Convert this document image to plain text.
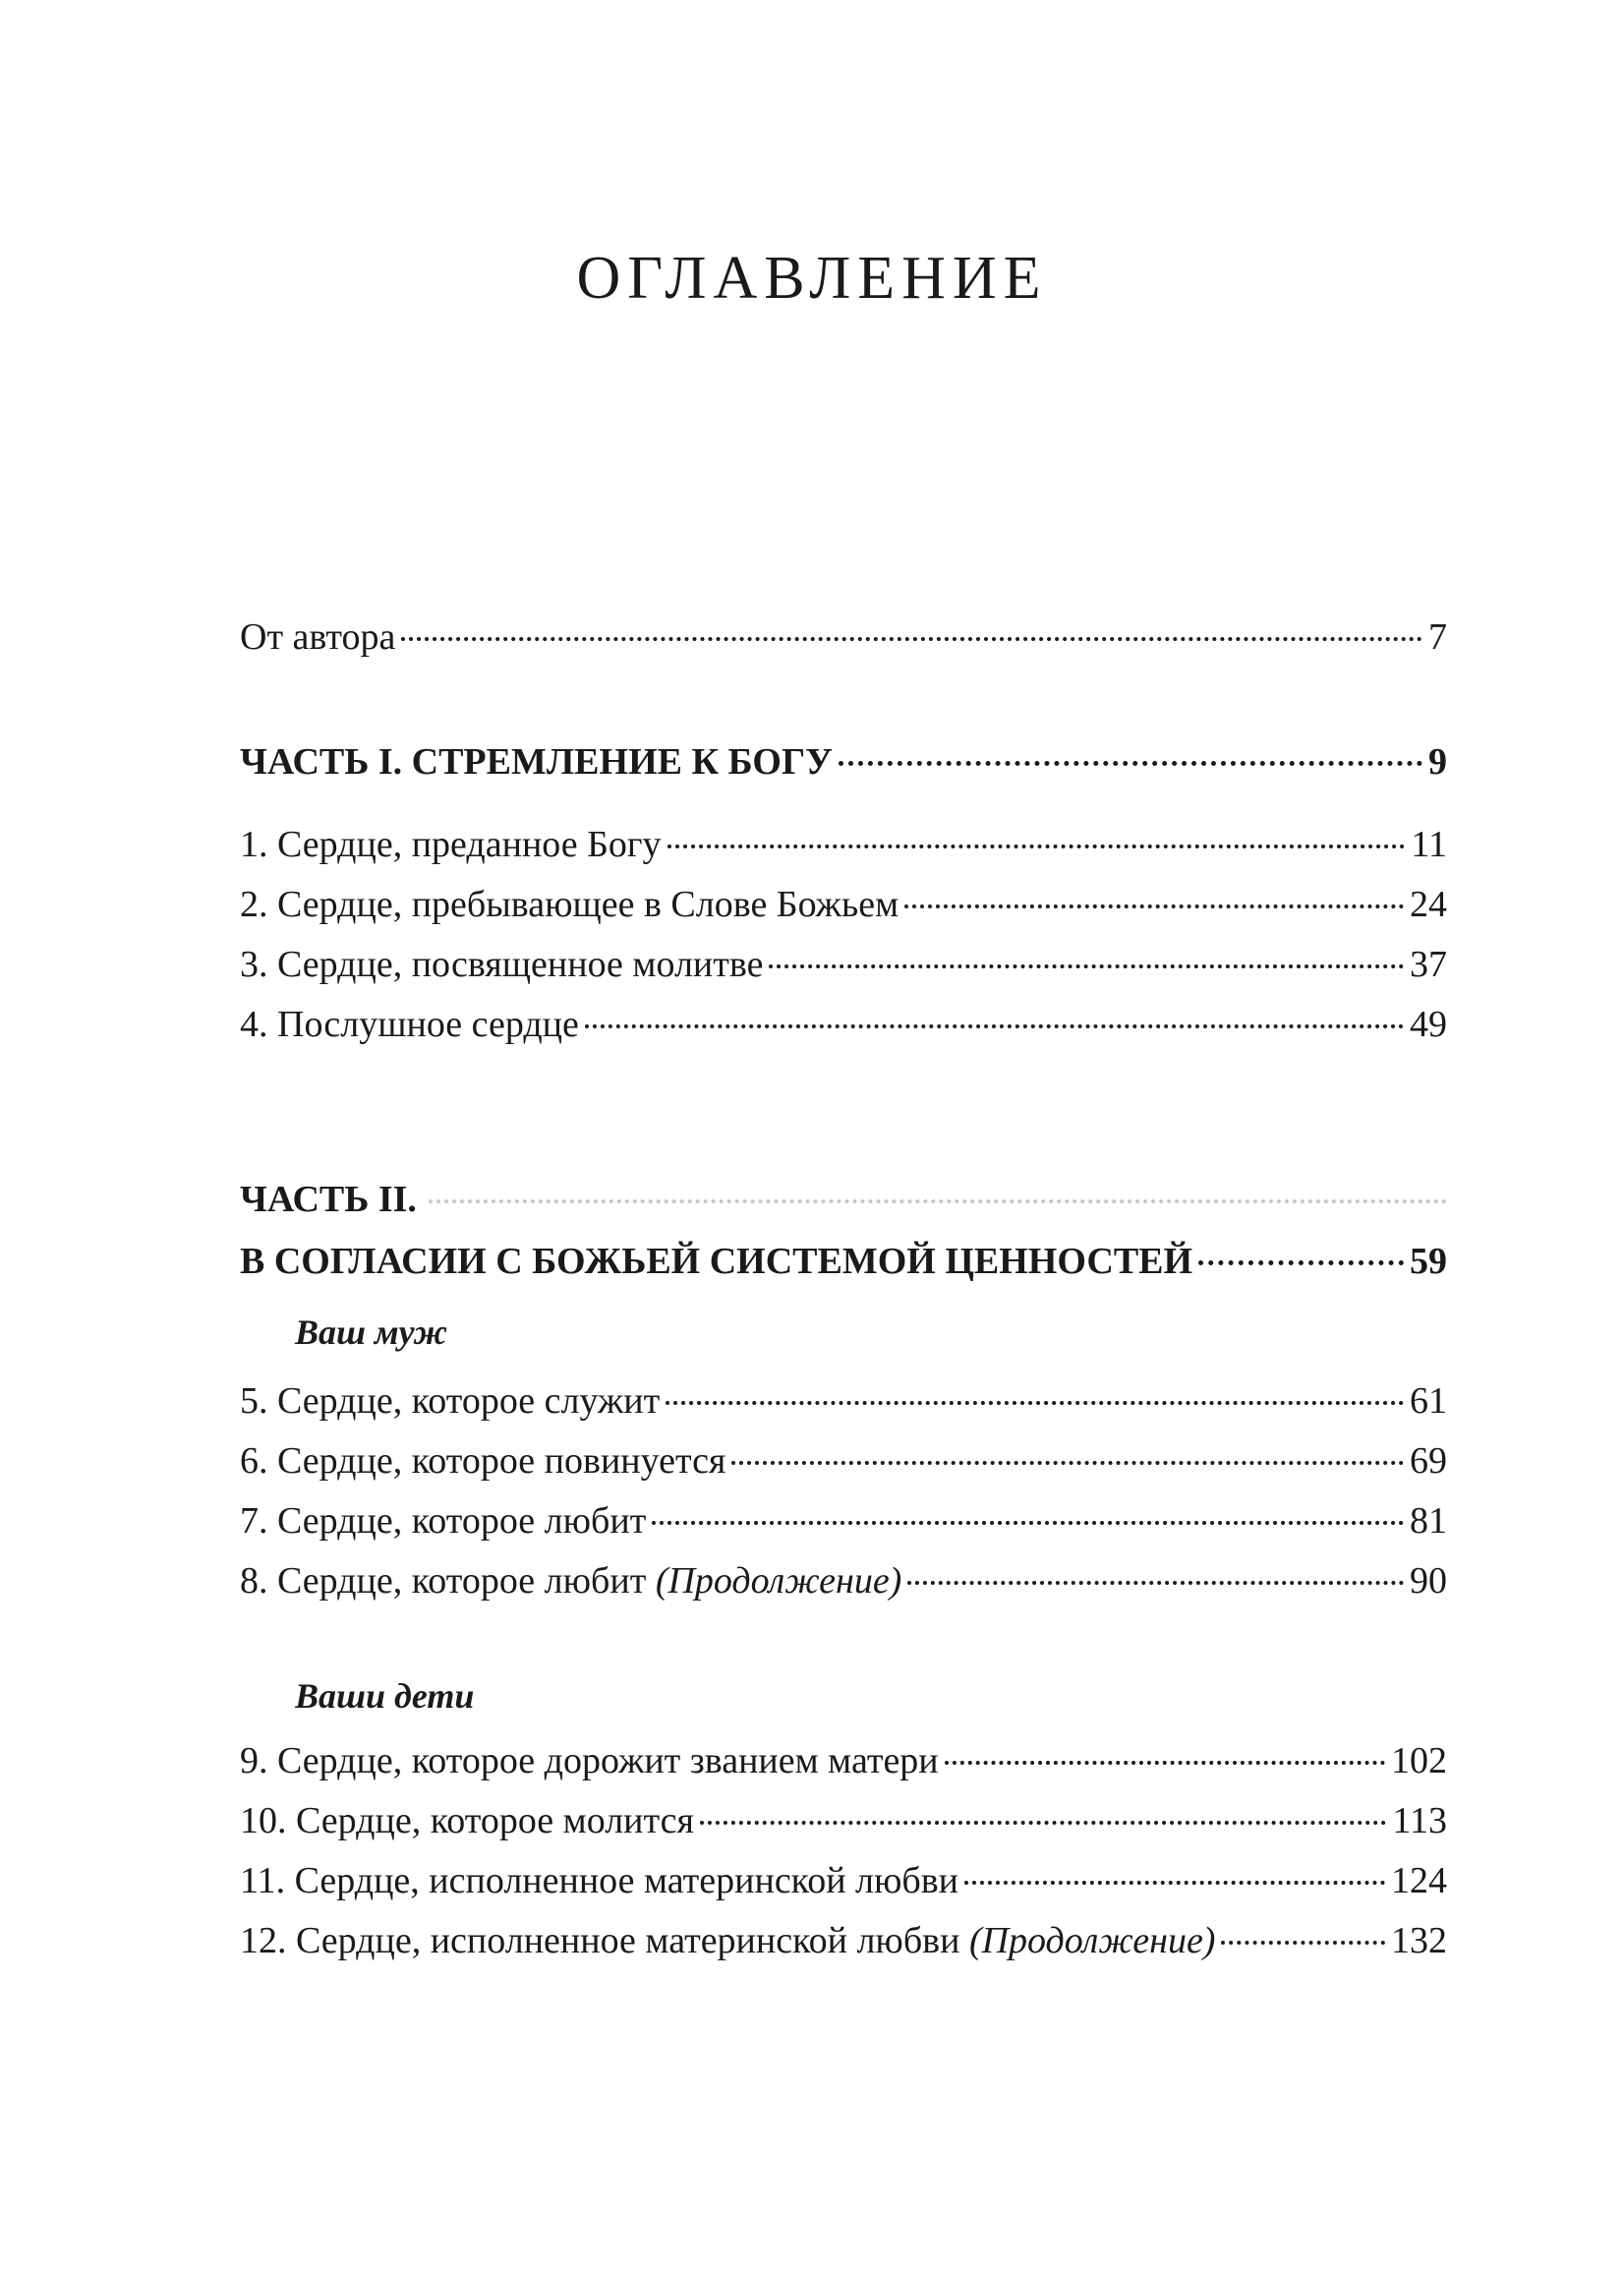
ОГЛАВЛЕНИЕ
От автора	7
ЧАСТЬ I. СТРЕМЛЕНИЕ К БОГУ	9
1. Сердце, преданное Богу	11
2. Сердце, пребывающее в Слове Божьем	24
3. Сердце, посвященное молитве	37
4. Послушное сердце	49
ЧАСТЬ II.
В СОГЛАСИИ С БОЖЬЕЙ СИСТЕМОЙ ЦЕННОСТЕЙ	59
Ваш муж
5. Сердце, которое служит	61
6. Сердце, которое повинуется	69
7. Сердце, которое любит	81
8. Сердце, которое любит (Продолжение)	90
Ваши дети
9. Сердце, которое дорожит званием матери	102
10. Сердце, которое молится	113
11. Сердце, исполненное материнской любви	124
12. Сердце, исполненное материнской любви (Продолжение)	132
